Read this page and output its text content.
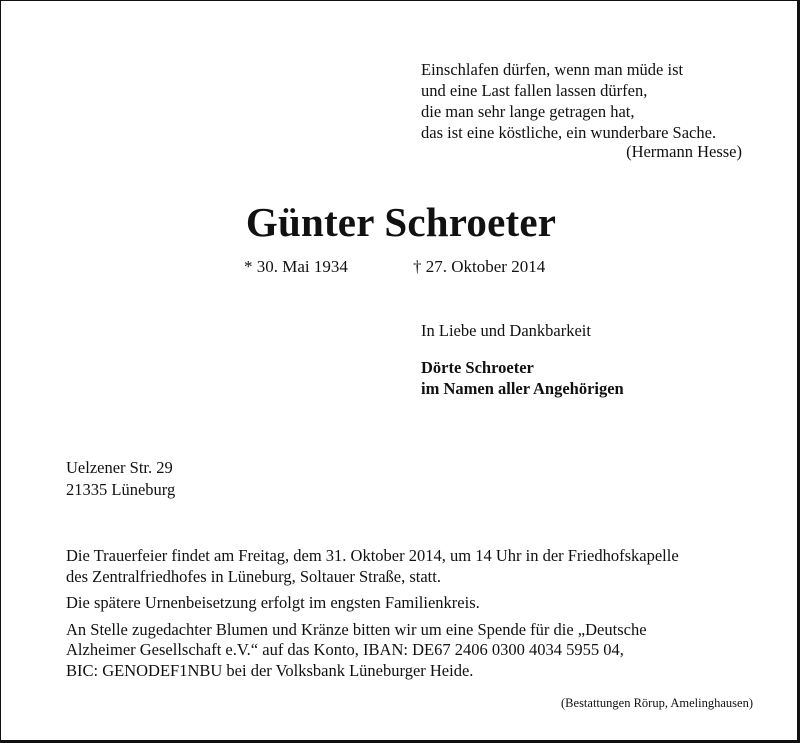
Einschlafen dürfen, wenn man müde ist
und eine Last fallen lassen dürfen,
die man sehr lange getragen hat,
das ist eine köstliche, ein wunderbare Sache.
(Hermann Hesse)
Günter Schroeter
* 30. Mai 1934	† 27. Oktober 2014
In Liebe und Dankbarkeit
Dörte Schroeter
im Namen aller Angehörigen
Uelzener Str. 29
21335 Lüneburg
Die Trauerfeier findet am Freitag, dem 31. Oktober 2014, um 14 Uhr in der Friedhofskapelle
des Zentralfriedhofes in Lüneburg, Soltauer Straße, statt.
Die spätere Urnenbeisetzung erfolgt im engsten Familienkreis.
An Stelle zugedachter Blumen und Kränze bitten wir um eine Spende für die „Deutsche
Alzheimer Gesellschaft e.V.“ auf das Konto, IBAN: DE67 2406 0300 4034 5955 04,
BIC: GENODEF1NBU bei der Volksbank Lüneburger Heide.
(Bestattungen Rörup, Amelinghausen)
